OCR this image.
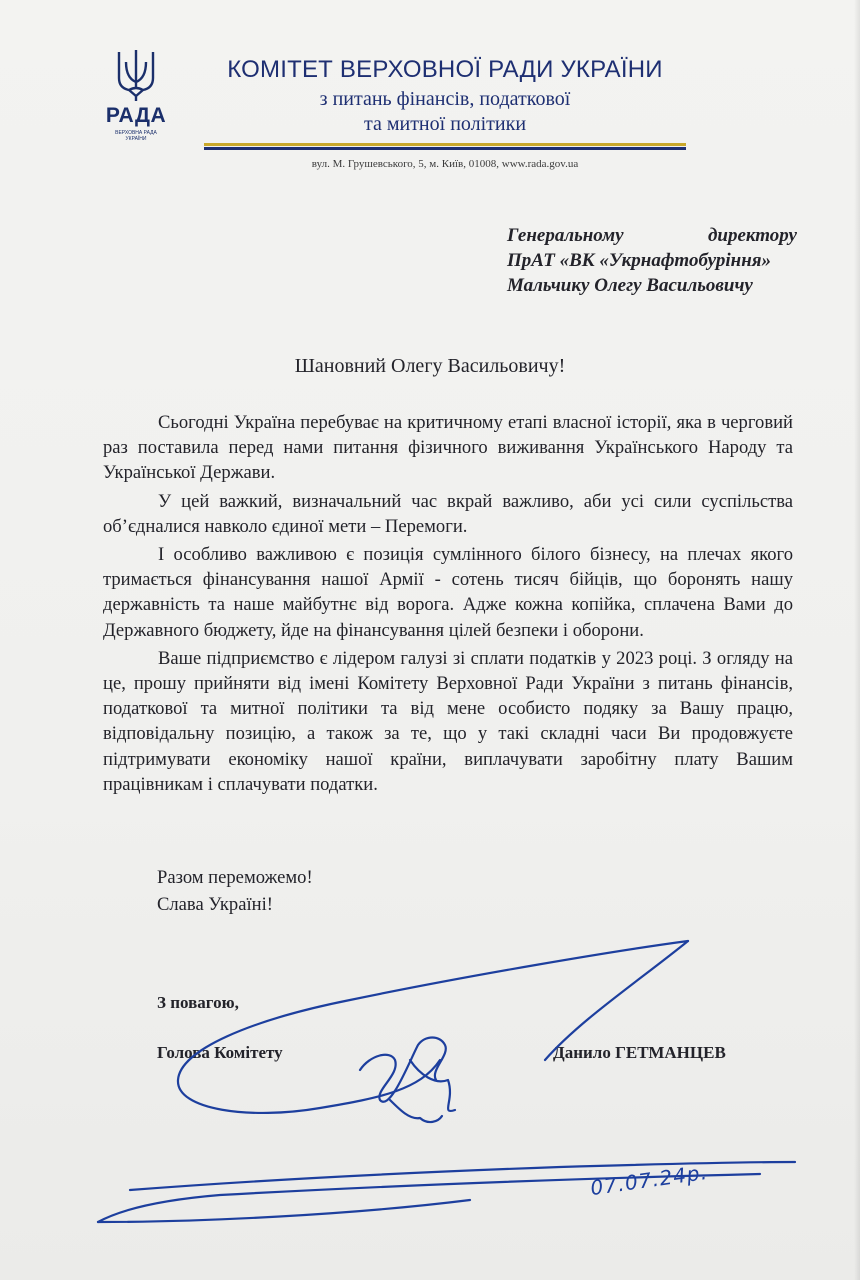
РАДА
ВЕРХОВНА РАДА
УКРАЇНИ
КОМІТЕТ ВЕРХОВНОЇ РАДИ УКРАЇНИ
з питань фінансів, податкової
та митної політики
вул. М. Грушевського, 5, м. Київ, 01008, www.rada.gov.ua
Генеральному	директору
ПрАТ «ВК «Укрнафтобуріння»
Мальчику Олегу Васильовичу
Шановний Олегу Васильовичу!

Сьогодні Україна перебуває на критичному етапі власної історії, яка в черговий раз поставила перед нами питання фізичного виживання Українського Народу та Української Держави.

У цей важкий, визначальний час вкрай важливо, аби усі сили суспільства об’єдналися навколо єдиної мети – Перемоги.

І особливо важливою є позиція сумлінного білого бізнесу, на плечах якого тримається фінансування нашої Армії - сотень тисяч бійців, що боронять нашу державність та наше майбутнє від ворога. Адже кожна копійка, сплачена Вами до Державного бюджету, йде на фінансування цілей безпеки і оборони.

Ваше підприємство є лідером галузі зі сплати податків у 2023 році. З огляду на це, прошу прийняти від імені Комітету Верховної Ради України з питань фінансів, податкової та митної політики та від мене особисто подяку за Вашу працю, відповідальну позицію, а також за те, що у такі складні часи Ви продовжуєте підтримувати економіку нашої країни, виплачувати заробітну плату Вашим працівникам і сплачувати податки.

Разом переможемо!
Слава Україні!
З повагою,
Голова Комітету	Данило ГЕТМАНЦЕВ
07.07.24р.
